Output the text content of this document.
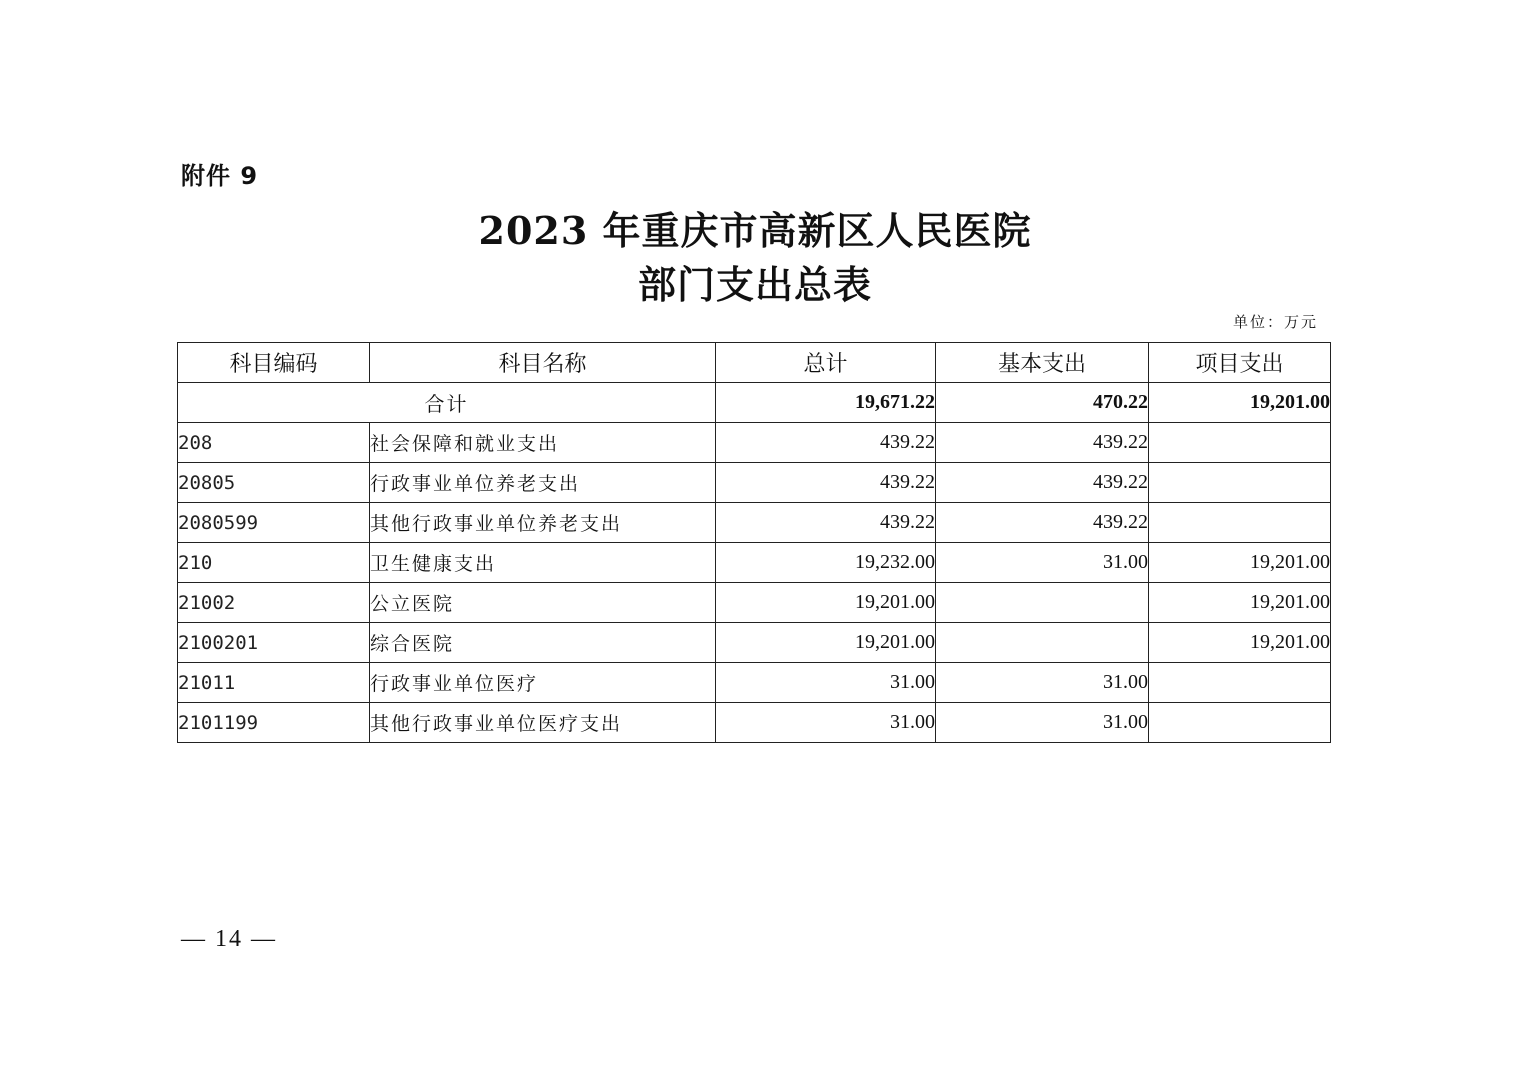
附件 9
2023 年重庆市高新区人民医院
部门支出总表
单位：万元
科目编码	科目名称	总计	基本支出	项目支出
合计		19,671.22	470.22	19,201.00
208	社会保障和就业支出	439.22	439.22	
20805	行政事业单位养老支出	439.22	439.22	
2080599	其他行政事业单位养老支出	439.22	439.22	
210	卫生健康支出	19,232.00	31.00	19,201.00
21002	公立医院	19,201.00		19,201.00
2100201	综合医院	19,201.00		19,201.00
21011	行政事业单位医疗	31.00	31.00	
2101199	其他行政事业单位医疗支出	31.00	31.00	
— 14 —
